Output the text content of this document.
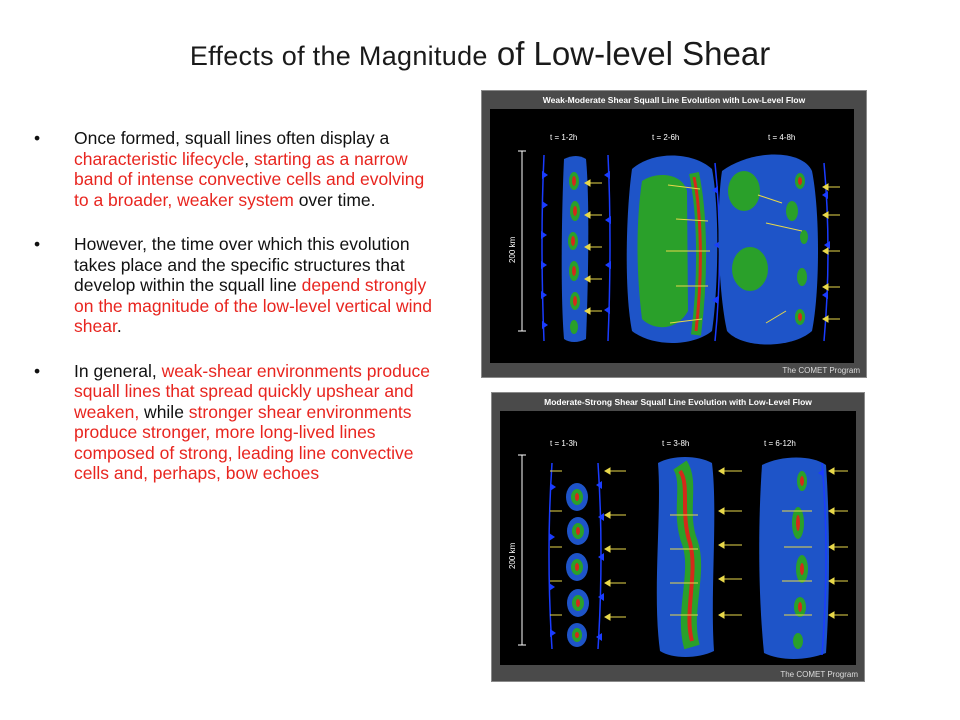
Effects of the Magnitude of Low-level Shear
• Once formed, squall lines often display a characteristic lifecycle, starting as a narrow band of intense convective cells and evolving to a broader, weaker system over time.
• However, the time over which this evolution takes place and the specific structures that develop within the squall line depend strongly on the magnitude of the low-level vertical wind shear.
• In general, weak-shear environments produce squall lines that spread quickly upshear and weaken, while stronger shear environments produce stronger, more long-lived lines composed of strong, leading line convective cells and, perhaps, bow echoes
Weak-Moderate Shear Squall Line Evolution with Low-Level Flow
t = 1-2h	t = 2-6h	t = 4-8h
200 km
The COMET Program
Moderate-Strong Shear Squall Line Evolution with Low-Level Flow
t = 1-3h	t = 3-8h	t = 6-12h
200 km
The COMET Program
